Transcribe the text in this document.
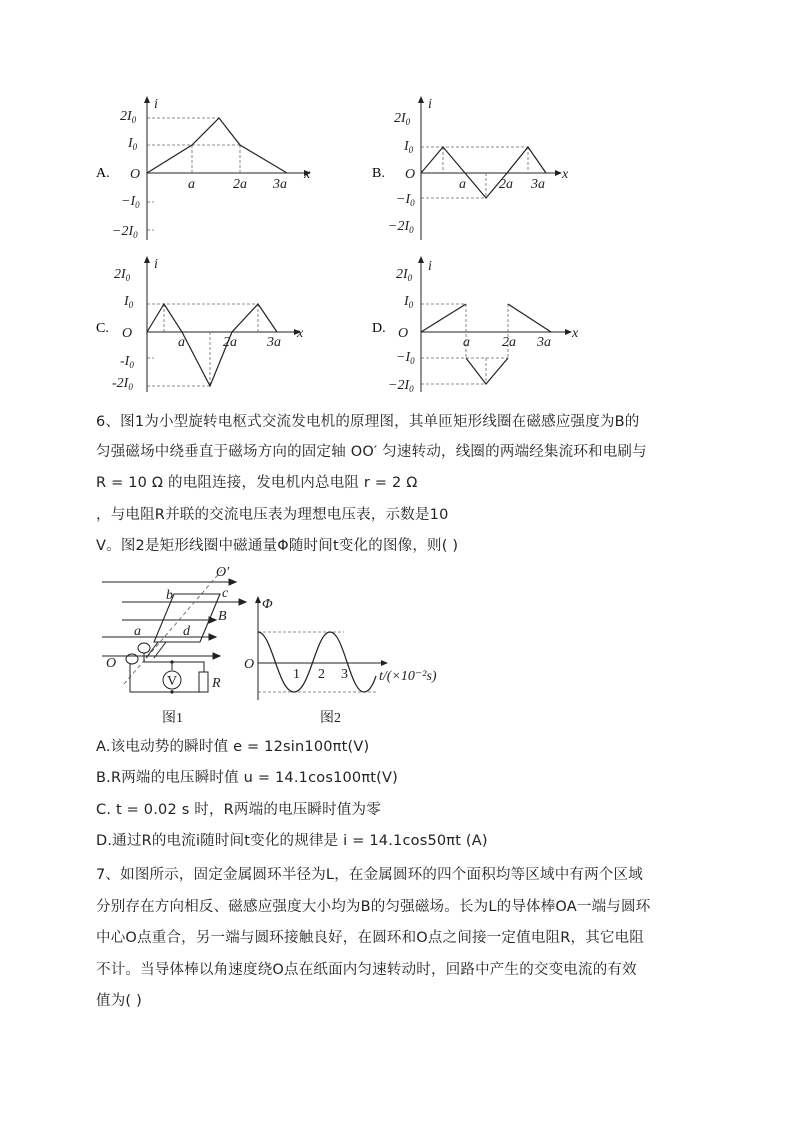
A.
i
x
O
$2I_0$
$I_0$
$-I_0$
$-2I_0$
a	2a 3a
B.
i
x
O
$2I_0$
$I_0$
$-I_0$
$-2I_0$
a 2a 3a
C.
i
x
O
$2I_0$
$I_0$
$-I_0$
$-2I_0$
a	2a 3a
D.
i
x
O
$2I_0$
$I_0$
$-I_0$
$-2I_0$
a 2a 3a
6、图1为小型旋转电枢式交流发电机的原理图，其单匝矩形线圈在磁感应强度为B的
匀强磁场中绕垂直于磁场方向的固定轴 OO′ 匀速转动，线圈的两端经集流环和电刷与
R = 10 Ω 的电阻连接，发电机内总电阻 r = 2 Ω
，与电阻R并联的交流电压表为理想电压表，示数是10
V。图2是矩形线圈中磁通量Φ随时间t变化的图像，则( )
O′
b	c
B
a	d
O
V R
图1
Φ
O
1 2 3 t/(×10⁻²s)
图2
A.该电动势的瞬时值 e = 12sin100πt(V)
B.R两端的电压瞬时值 u = 14.1cos100πt(V)
C. t = 0.02 s 时，R两端的电压瞬时值为零
D.通过R的电流i随时间t变化的规律是 i = 14.1cos50πt (A)
7、如图所示，固定金属圆环半径为L，在金属圆环的四个面积均等区域中有两个区域
分别存在方向相反、磁感应强度大小均为B的匀强磁场。长为L的导体棒OA一端与圆环
中心O点重合，另一端与圆环接触良好，在圆环和O点之间接一定值电阻R，其它电阻
不计。当导体棒以角速度绕O点在纸面内匀速转动时，回路中产生的交变电流的有效
值为( )
